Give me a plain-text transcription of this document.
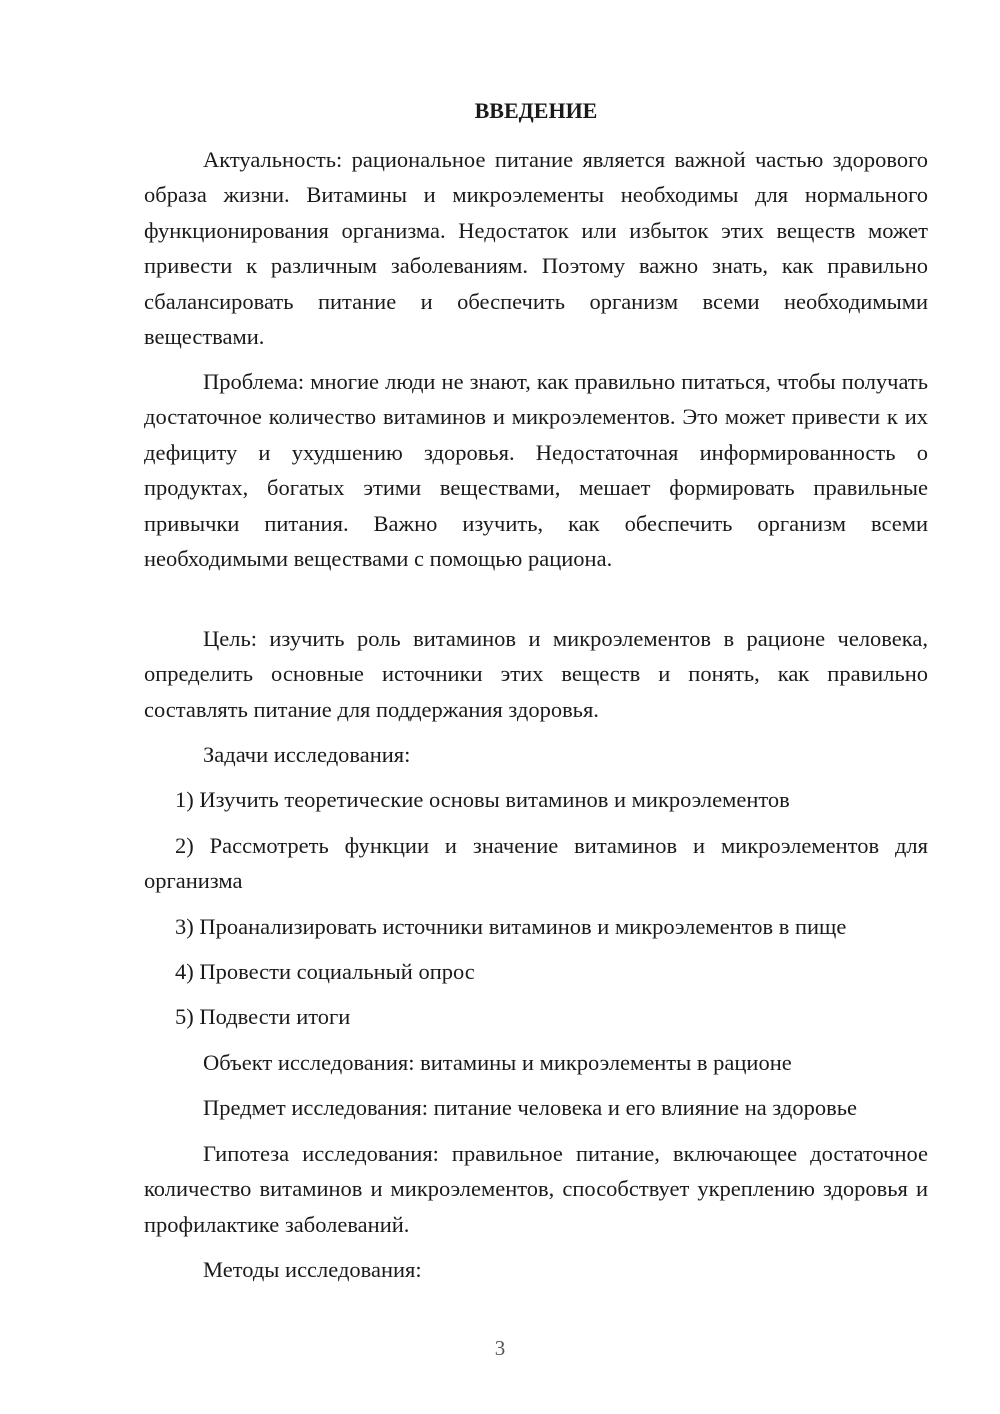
ВВЕДЕНИЕ

Актуальность: рациональное питание является важной частью здорового образа жизни. Витамины и микроэлементы необходимы для нормального функционирования организма. Недостаток или избыток этих веществ может привести к различным заболеваниям. Поэтому важно знать, как правильно сбалансировать питание и обеспечить организм всеми необходимыми веществами.

Проблема: многие люди не знают, как правильно питаться, чтобы получать достаточное количество витаминов и микроэлементов. Это может привести к их дефициту и ухудшению здоровья. Недостаточная информированность о продуктах, богатых этими веществами, мешает формировать правильные привычки питания. Важно изучить, как обеспечить организм всеми необходимыми веществами с помощью рациона.

Цель: изучить роль витаминов и микроэлементов в рационе человека, определить основные источники этих веществ и понять, как правильно составлять питание для поддержания здоровья.

Задачи исследования:

1) Изучить теоретические основы витаминов и микроэлементов

2) Рассмотреть функции и значение витаминов и микроэлементов для организма

3) Проанализировать источники витаминов и микроэлементов в пище

4) Провести социальный опрос

5) Подвести итоги

Объект исследования: витамины и микроэлементы в рационе

Предмет исследования: питание человека и его влияние на здоровье

Гипотеза исследования: правильное питание, включающее достаточное количество витаминов и микроэлементов, способствует укреплению здоровья и профилактике заболеваний.

Методы исследования:

3
